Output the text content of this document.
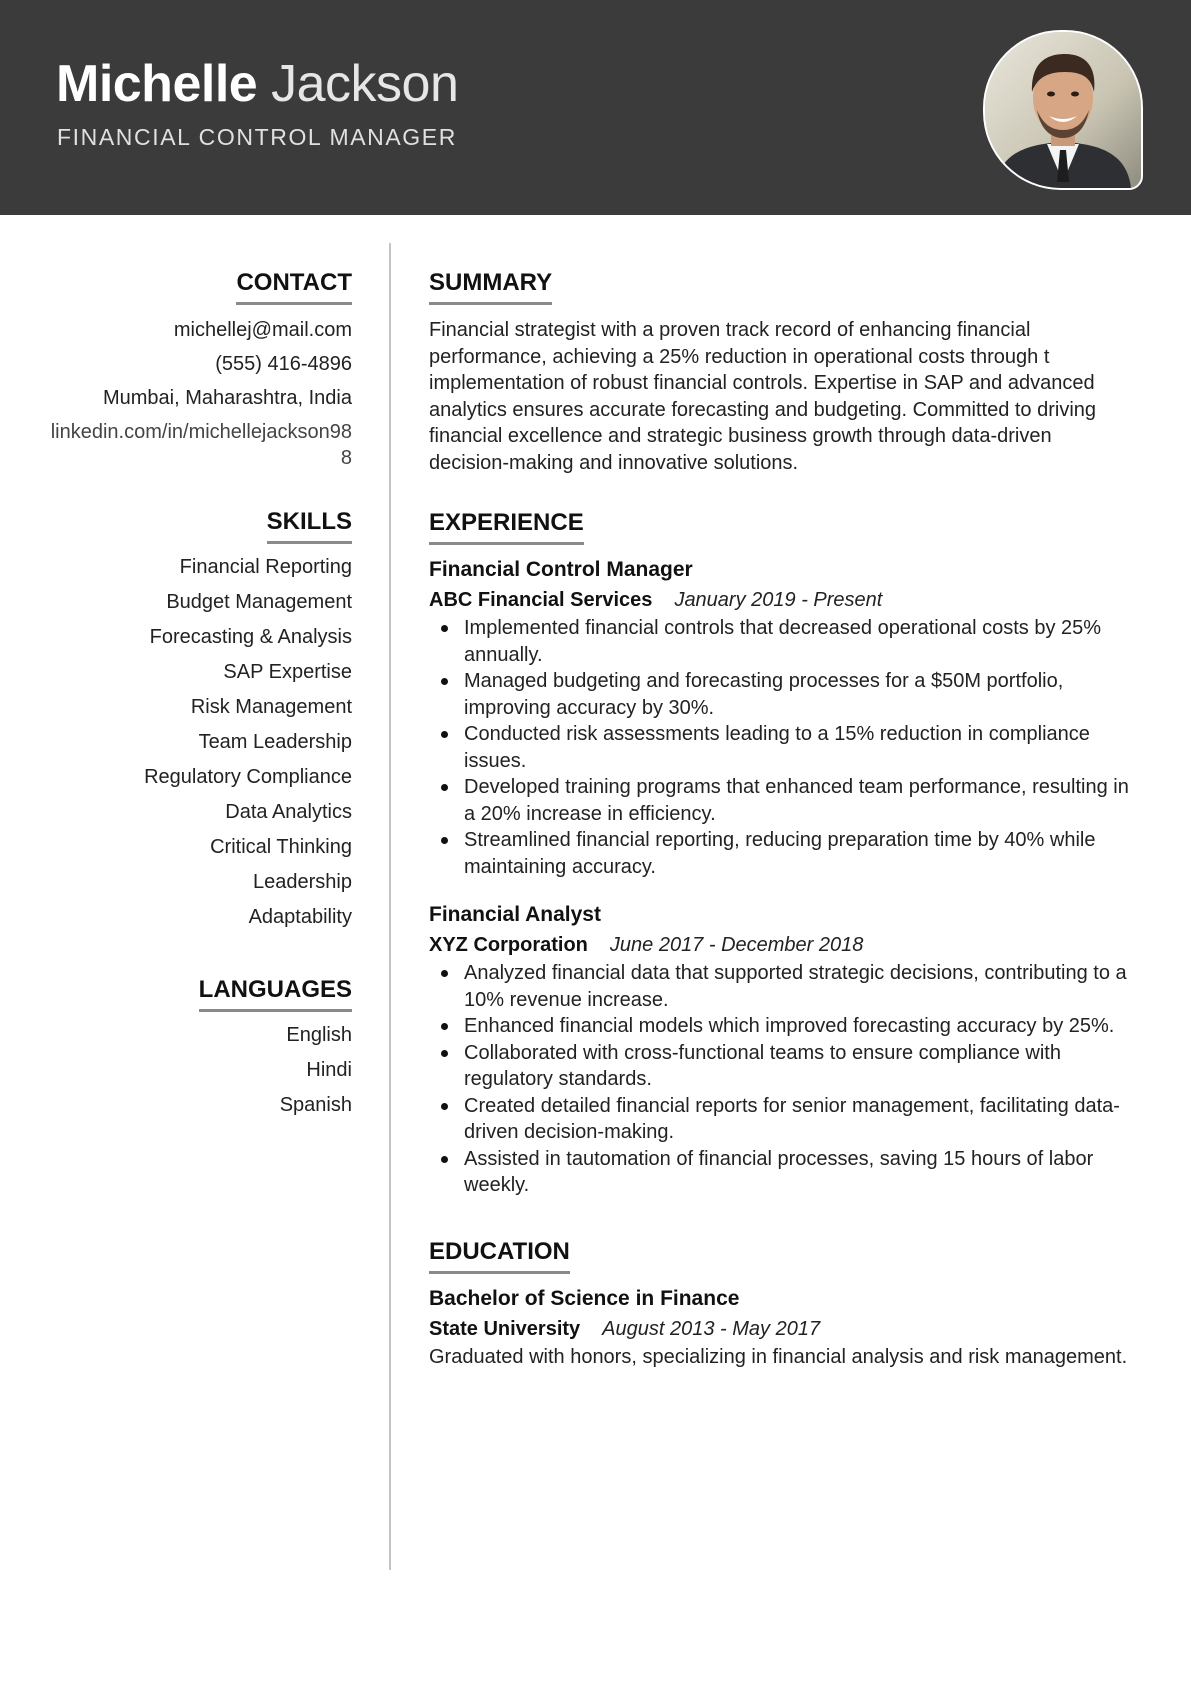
Michelle Jackson
FINANCIAL CONTROL MANAGER
CONTACT
michellej@mail.com
(555) 416-4896
Mumbai, Maharashtra, India
linkedin.com/in/michellejackson988
SKILLS
Financial Reporting
Budget Management
Forecasting & Analysis
SAP Expertise
Risk Management
Team Leadership
Regulatory Compliance
Data Analytics
Critical Thinking
Leadership
Adaptability
LANGUAGES
English
Hindi
Spanish
SUMMARY

Financial strategist with a proven track record of enhancing financial performance, achieving a 25% reduction in operational costs through t implementation of robust financial controls. Expertise in SAP and advanced analytics ensures accurate forecasting and budgeting. Committed to driving financial excellence and strategic business growth through data-driven decision-making and innovative solutions.

EXPERIENCE
Financial Control Manager
ABC Financial Services January 2019 - Present
Implemented financial controls that decreased operational costs by 25% annually.
Managed budgeting and forecasting processes for a $50M portfolio, improving accuracy by 30%.
Conducted risk assessments leading to a 15% reduction in compliance issues.
Developed training programs that enhanced team performance, resulting in a 20% increase in efficiency.
Streamlined financial reporting, reducing preparation time by 40% while maintaining accuracy.
Financial Analyst
XYZ Corporation June 2017 - December 2018
Analyzed financial data that supported strategic decisions, contributing to a 10% revenue increase.
Enhanced financial models which improved forecasting accuracy by 25%.
Collaborated with cross-functional teams to ensure compliance with regulatory standards.
Created detailed financial reports for senior management, facilitating data-driven decision-making.
Assisted in tautomation of financial processes, saving 15 hours of labor weekly.
EDUCATION
Bachelor of Science in Finance
State University August 2013 - May 2017

Graduated with honors, specializing in financial analysis and risk management.
